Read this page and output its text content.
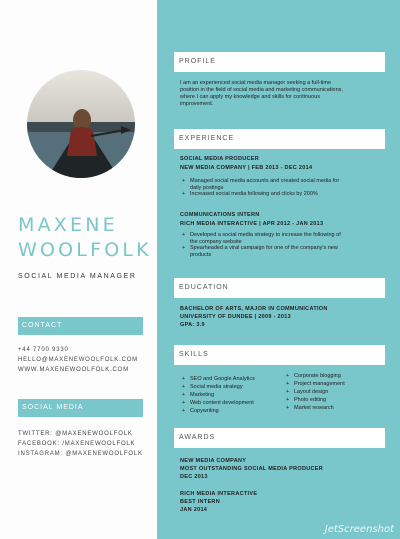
MAXENE
WOOLFOLK
SOCIAL MEDIA MANAGER
CONTACT
+44 7700 9330
HELLO@MAXENEWOOLFOLK.COM
WWW.MAXENEWOOLFOLK.COM
SOCIAL MEDIA
TWITTER: @MAXENEWOOLFOLK
FACEBOOK: /MAXENEWOOLFOLK
INSTAGRAM: @MAXENEWOOLFOLK
PROFILE
I am an experienced social media manager seeking a full-time
position in the field of social media and marketing communications,
where I can apply my knowledge and skills for continuous
improvement.
EXPERIENCE
SOCIAL MEDIA PRODUCER
NEW MEDIA COMPANY | FEB 2013 - DEC 2014
+ Managed social media accounts and created social media for
daily postings
+ Increased social media following and clicks by 200%
COMMUNICATIONS INTERN
RICH MEDIA INTERACTIVE | APR 2012 - JAN 2013
+ Developed a social media strategy to increase the following of
the company website
+ Spearheaded a viral campaign for one of the company's new
products
EDUCATION
BACHELOR OF ARTS, MAJOR IN COMMUNICATION
UNIVERSITY OF DUNDEE | 2009 - 2013
GPA: 3.9
SKILLS
+ SEO and Google Analytics
+ Social media strategy
+ Marketing
+ Web content development
+ Copywriting
+ Corporate blogging
+ Project management
+ Layout design
+ Photo editing
+ Market research
AWARDS
NEW MEDIA COMPANY
MOST OUTSTANDING SOCIAL MEDIA PRODUCER
DEC 2013
RICH MEDIA INTERACTIVE
BEST INTERN
JAN 2014
JetScreenshot
